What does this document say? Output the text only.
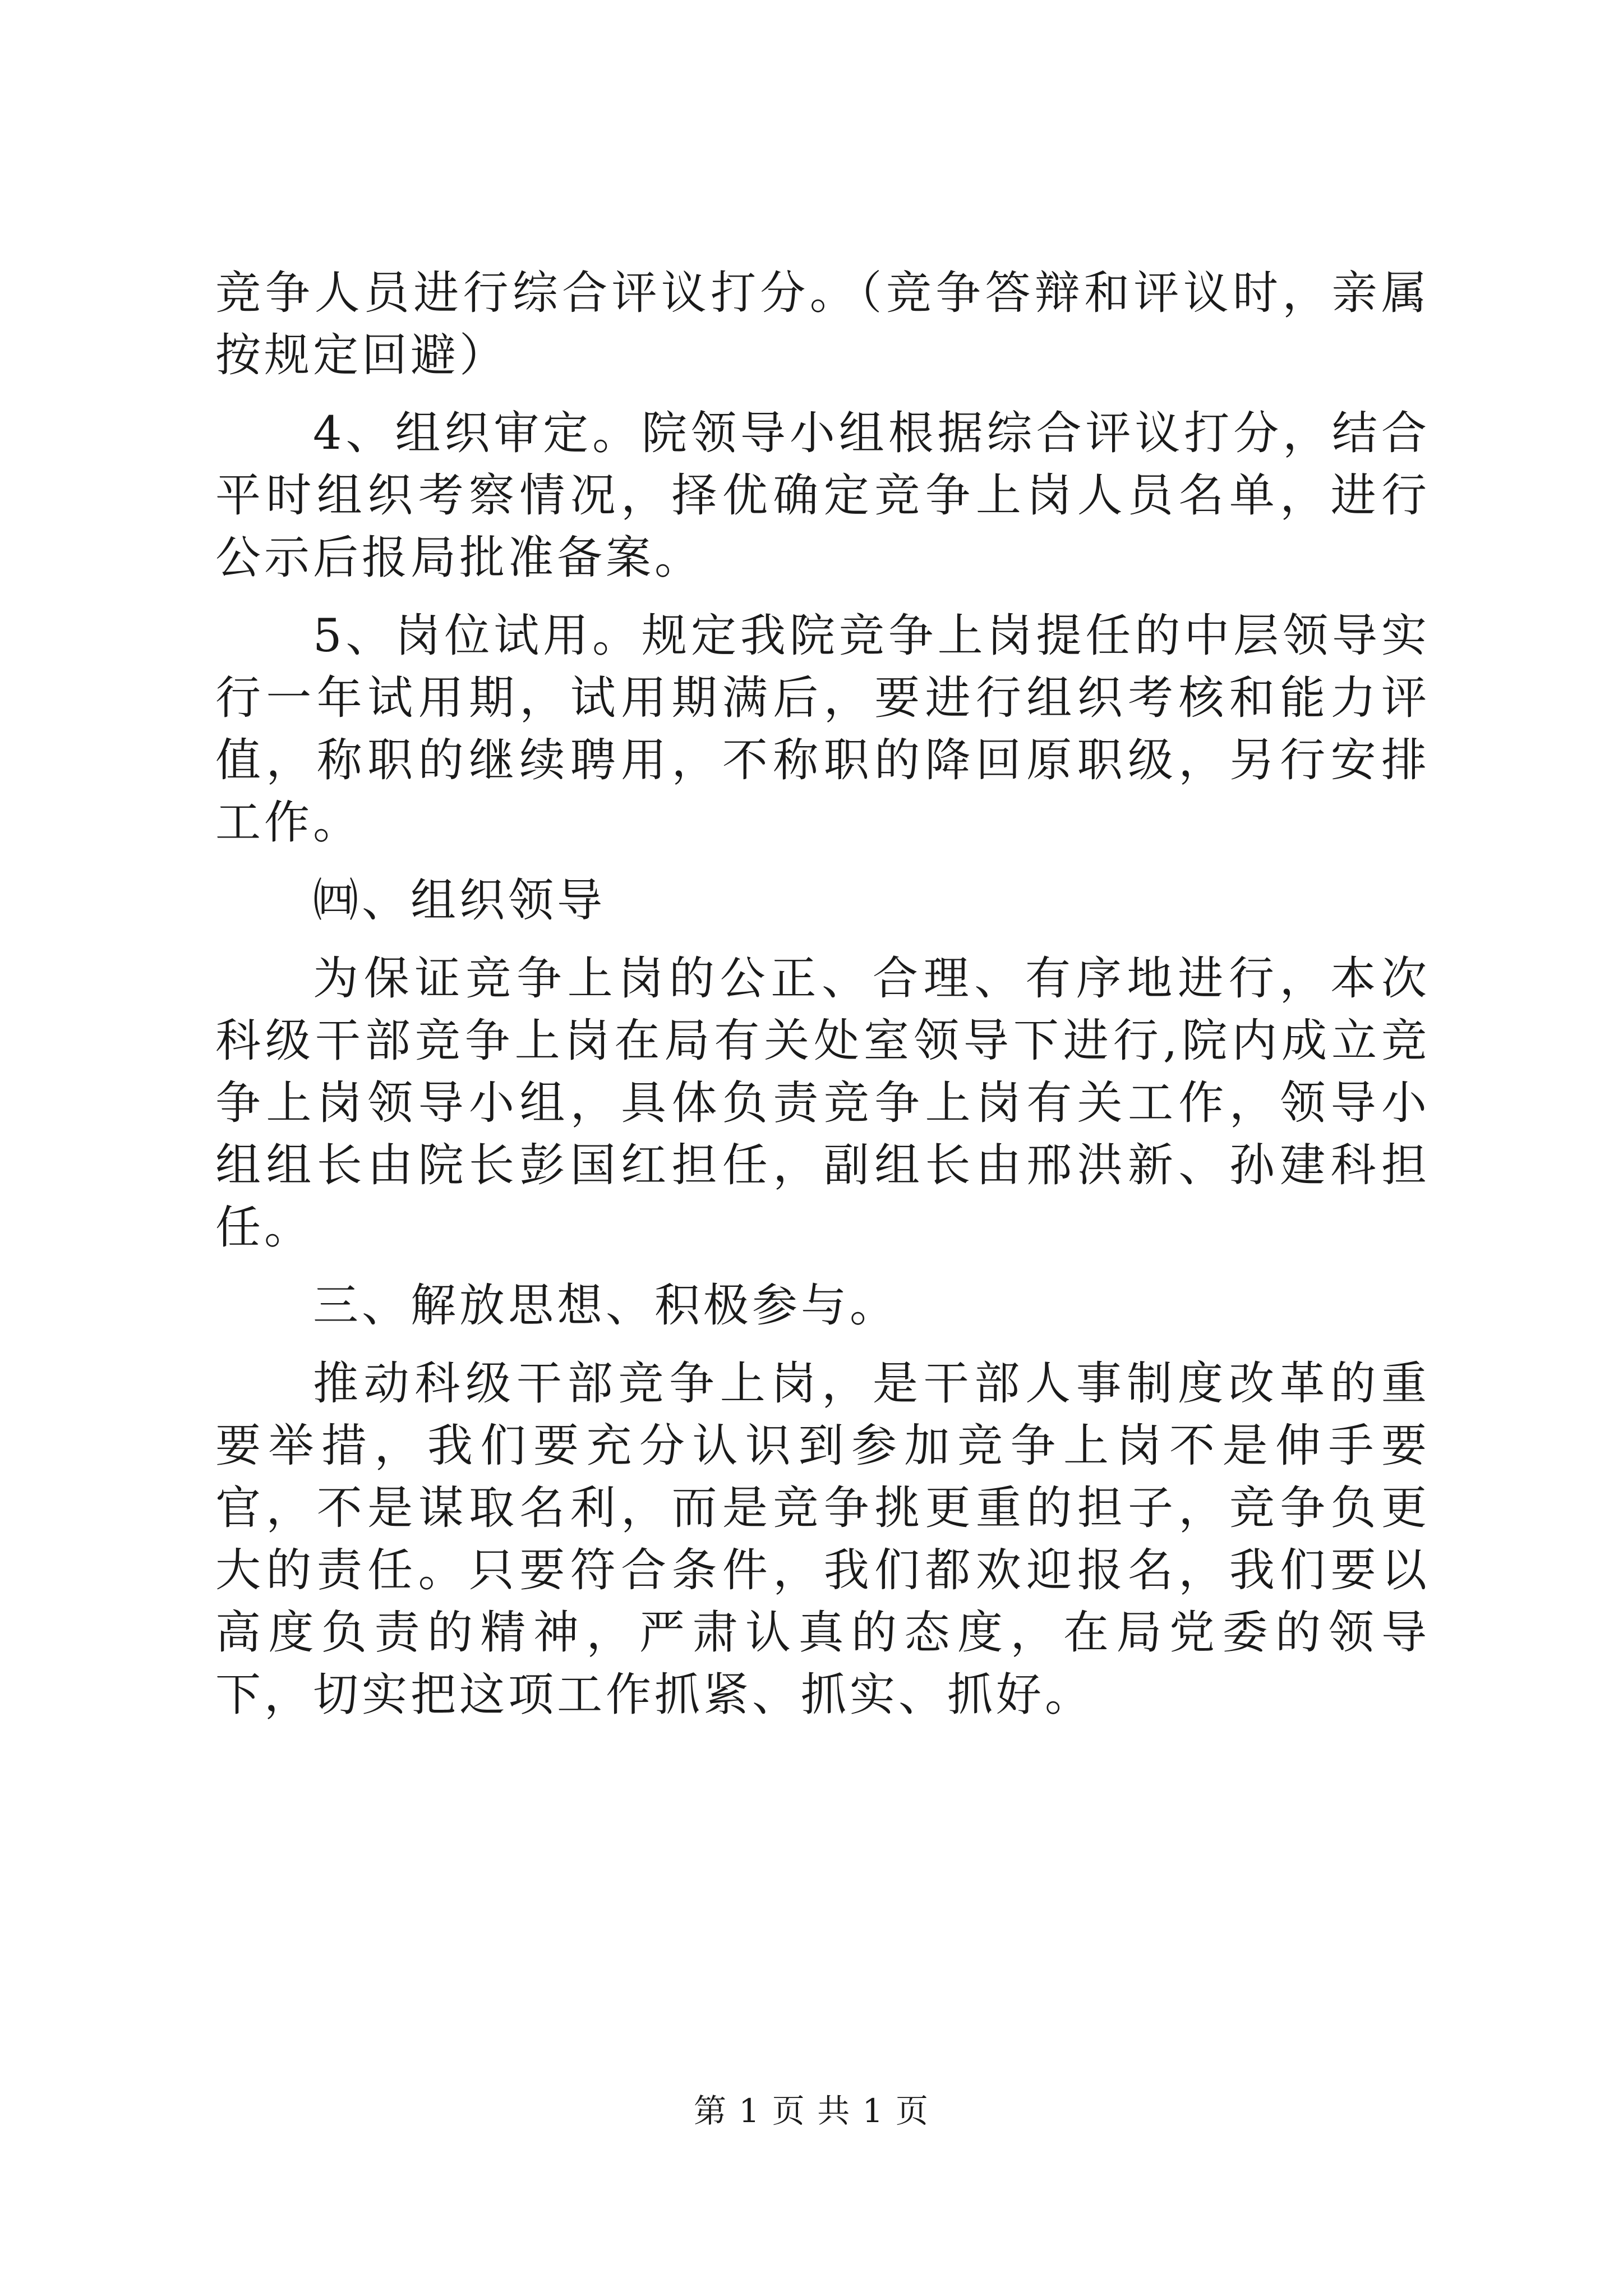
竞争人员进行综合评议打分。（竞争答辩和评议时，亲属按规定回避）

4、组织审定。院领导小组根据综合评议打分，结合平时组织考察情况，择优确定竞争上岗人员名单，进行公示后报局批准备案。

5、岗位试用。规定我院竞争上岗提任的中层领导实行一年试用期，试用期满后，要进行组织考核和能力评值，称职的继续聘用，不称职的降回原职级，另行安排工作。

㈣、组织领导

为保证竞争上岗的公正、合理、有序地进行，本次科级干部竞争上岗在局有关处室领导下进行,院内成立竞争上岗领导小组，具体负责竞争上岗有关工作，领导小组组长由院长彭国红担任，副组长由邢洪新、孙建科担任。

三、解放思想、积极参与。

推动科级干部竞争上岗，是干部人事制度改革的重要举措，我们要充分认识到参加竞争上岗不是伸手要官，不是谋取名利，而是竞争挑更重的担子，竞争负更大的责任。只要符合条件，我们都欢迎报名，我们要以高度负责的精神，严肃认真的态度，在局党委的领导下，切实把这项工作抓紧、抓实、抓好。

第 1 页 共 1 页
